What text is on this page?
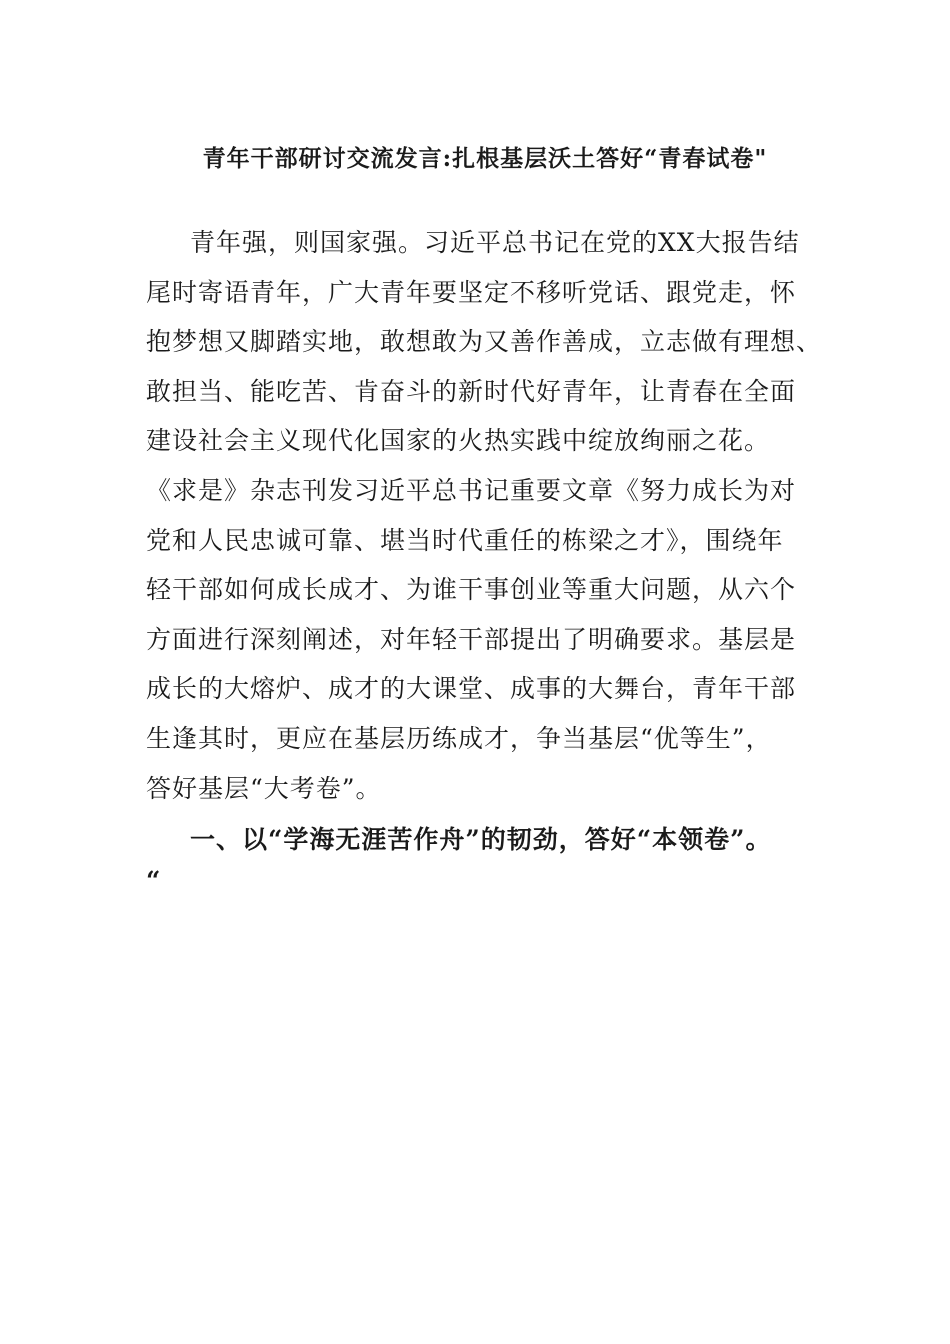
青年干部研讨交流发言:扎根基层沃土答好“青春试卷"
青年强，则国家强。习近平总书记在党的XX大报告结
尾时寄语青年，广大青年要坚定不移听党话、跟党走，怀
抱梦想又脚踏实地，敢想敢为又善作善成，立志做有理想、
敢担当、能吃苦、肯奋斗的新时代好青年，让青春在全面
建设社会主义现代化国家的火热实践中绽放绚丽之花。
《求是》杂志刊发习近平总书记重要文章《努力成长为对
党和人民忠诚可靠、堪当时代重任的栋梁之才》，围绕年
轻干部如何成长成才、为谁干事创业等重大问题，从六个
方面进行深刻阐述，对年轻干部提出了明确要求。基层是
成长的大熔炉、成才的大课堂、成事的大舞台，青年干部
生逢其时，更应在基层历练成才，争当基层“优等生”，
答好基层“大考卷”。
一、以“学海无涯苦作舟”的韧劲，答好“本领卷”。
“
